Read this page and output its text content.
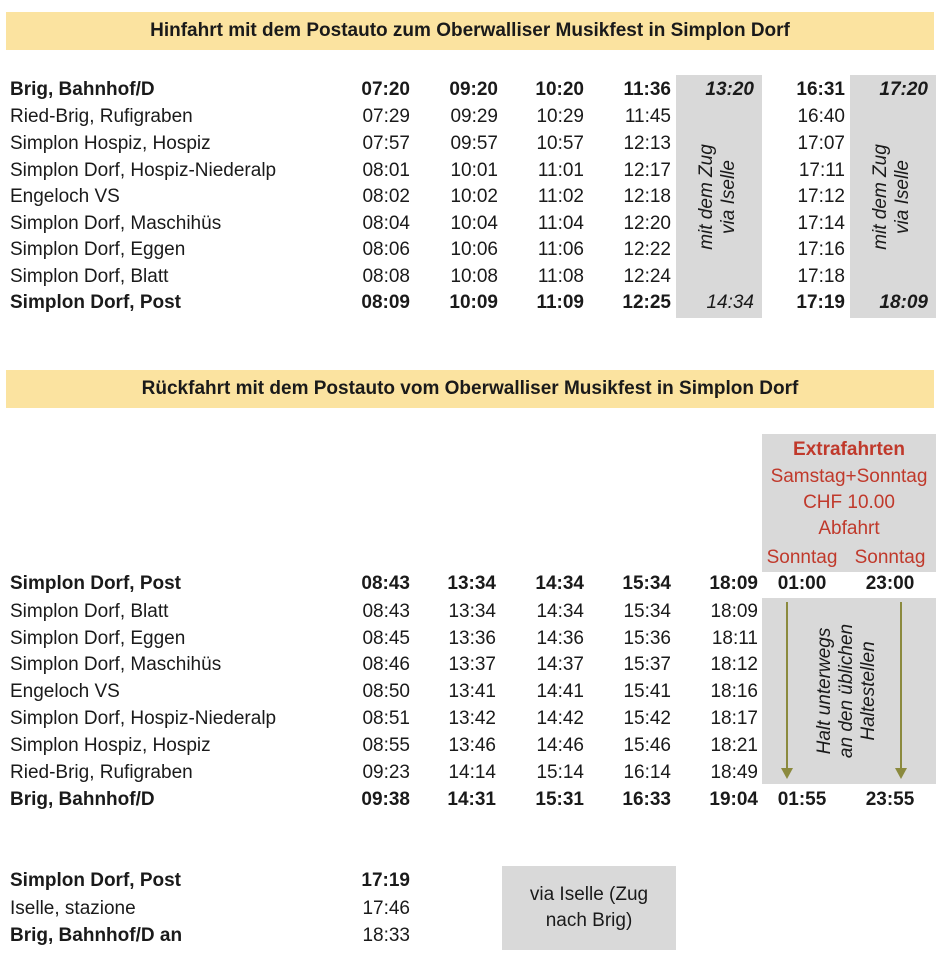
Hinfahrt mit dem Postauto zum Oberwalliser Musikfest in Simplon Dorf
Brig, Bahnhof/D
Ried-Brig, Rufigraben
Simplon Hospiz, Hospiz
Simplon Dorf, Hospiz-Niederalp
Engeloch VS
Simplon Dorf, Maschihüs
Simplon Dorf, Eggen
Simplon Dorf, Blatt
Simplon Dorf, Post
07:20
07:29
07:57
08:01
08:02
08:04
08:06
08:08
08:09
09:20
09:29
09:57
10:01
10:02
10:04
10:06
10:08
10:09
10:20
10:29
10:57
11:01
11:02
11:04
11:06
11:08
11:09
11:36
11:45
12:13
12:17
12:18
12:20
12:22
12:24
12:25
13:20
14:34
mit dem Zug via Iselle
16:31
16:40
17:07
17:11
17:12
17:14
17:16
17:18
17:19
17:20
18:09
mit dem Zug via Iselle
Rückfahrt mit dem Postauto vom Oberwalliser Musikfest in Simplon Dorf
Extrafahrten
Samstag+Sonntag
CHF 10.00
Abfahrt
Sonntag Sonntag
Halt unterwegs an den üblichen Haltestellen
Simplon Dorf, Post
Simplon Dorf, Blatt
Simplon Dorf, Eggen
Simplon Dorf, Maschihüs
Engeloch VS
Simplon Dorf, Hospiz-Niederalp
Simplon Hospiz, Hospiz
Ried-Brig, Rufigraben
Brig, Bahnhof/D
08:43
08:43
08:45
08:46
08:50
08:51
08:55
09:23
09:38
13:34
13:34
13:36
13:37
13:41
13:42
13:46
14:14
14:31
14:34
14:34
14:36
14:37
14:41
14:42
14:46
15:14
15:31
15:34
15:34
15:36
15:37
15:41
15:42
15:46
16:14
16:33
18:09
18:09
18:11
18:12
18:16
18:17
18:21
18:49
19:04
01:00	23:00
01:55	23:55
Simplon Dorf, Post
Iselle, stazione
Brig, Bahnhof/D an
17:19
17:46
18:33
via Iselle (Zug
nach Brig)
